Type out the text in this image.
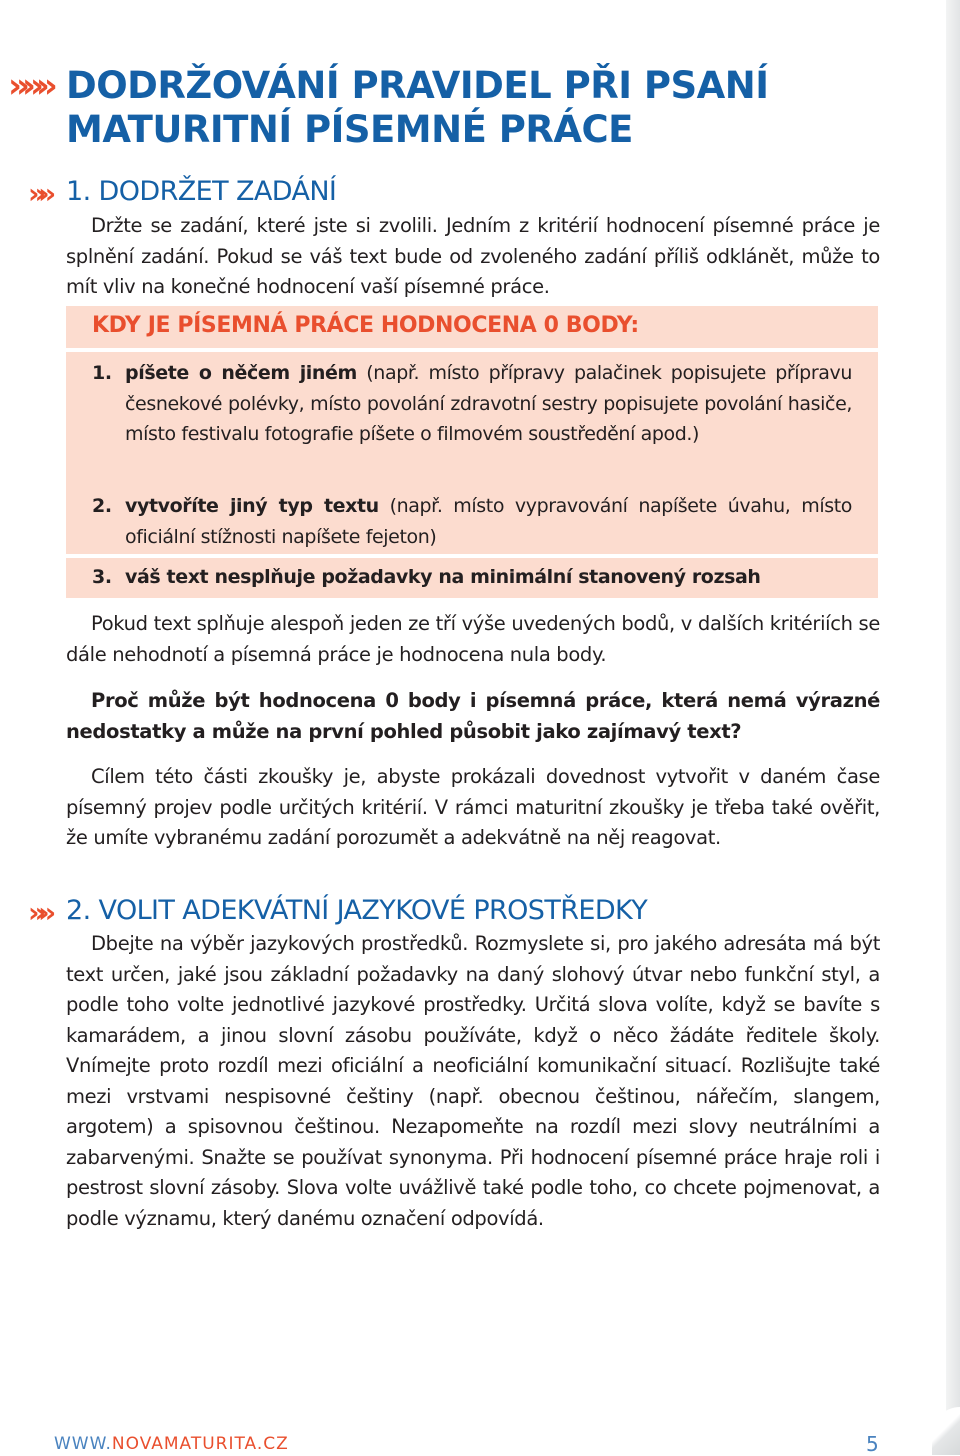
»»» DODRŽOVÁNÍ PRAVIDEL PŘI PSANÍ
MATURITNÍ PÍSEMNÉ PRÁCE
»» 1. DODRŽET ZADÁNÍ

Držte se zadání, které jste si zvolili. Jedním z kritérií hodnocení písemné práce je splnění zadání. Pokud se váš text bude od zvoleného zadání příliš odklánět, může to mít vliv na konečné hodnocení vaší písemné práce.

KDY JE PÍSEMNÁ PRÁCE HODNOCENA 0 BODY:
1. píšete o něčem jiném (např. místo přípravy palačinek popisujete přípravu česnekové polévky, místo povolání zdravotní sestry popisujete povolání hasiče, místo festivalu fotografie píšete o filmovém soustředění apod.)
2. vytvoříte jiný typ textu (např. místo vypravování napíšete úvahu, místo oficiální stížnosti napíšete fejeton)
3. váš text nesplňuje požadavky na minimální stanovený rozsah

Pokud text splňuje alespoň jeden ze tří výše uvedených bodů, v dalších kritériích se dále nehodnotí a písemná práce je hodnocena nula body.

Proč může být hodnocena 0 body i písemná práce, která nemá výrazné nedostatky a může na první pohled působit jako zajímavý text?

Cílem této části zkoušky je, abyste prokázali dovednost vytvořit v daném čase písemný projev podle určitých kritérií. V rámci maturitní zkoušky je třeba také ověřit, že umíte vybranému zadání porozumět a adekvátně na něj reagovat.

»» 2. VOLIT ADEKVÁTNÍ JAZYKOVÉ PROSTŘEDKY

Dbejte na výběr jazykových prostředků. Rozmyslete si, pro jakého adresáta má být text určen, jaké jsou základní požadavky na daný slohový útvar nebo funkční styl, a podle toho volte jednotlivé jazykové prostředky. Určitá slova volíte, když se bavíte s kamarádem, a jinou slovní zásobu používáte, když o něco žádáte ředitele školy. Vnímejte proto rozdíl mezi oficiální a neoficiální komunikační situací. Rozlišujte také mezi vrstvami nespisovné češtiny (např. obecnou češtinou, nářečím, slangem, argotem) a spisovnou češtinou. Nezapomeňte na rozdíl mezi slovy neutrálními a zabarvenými. Snažte se používat synonyma. Při hodnocení písemné práce hraje roli i pestrost slovní zásoby. Slova volte uvážlivě také podle toho, co chcete pojmenovat, a podle významu, který danému označení odpovídá.

WWW.NOVAMATURITA.CZ	5
